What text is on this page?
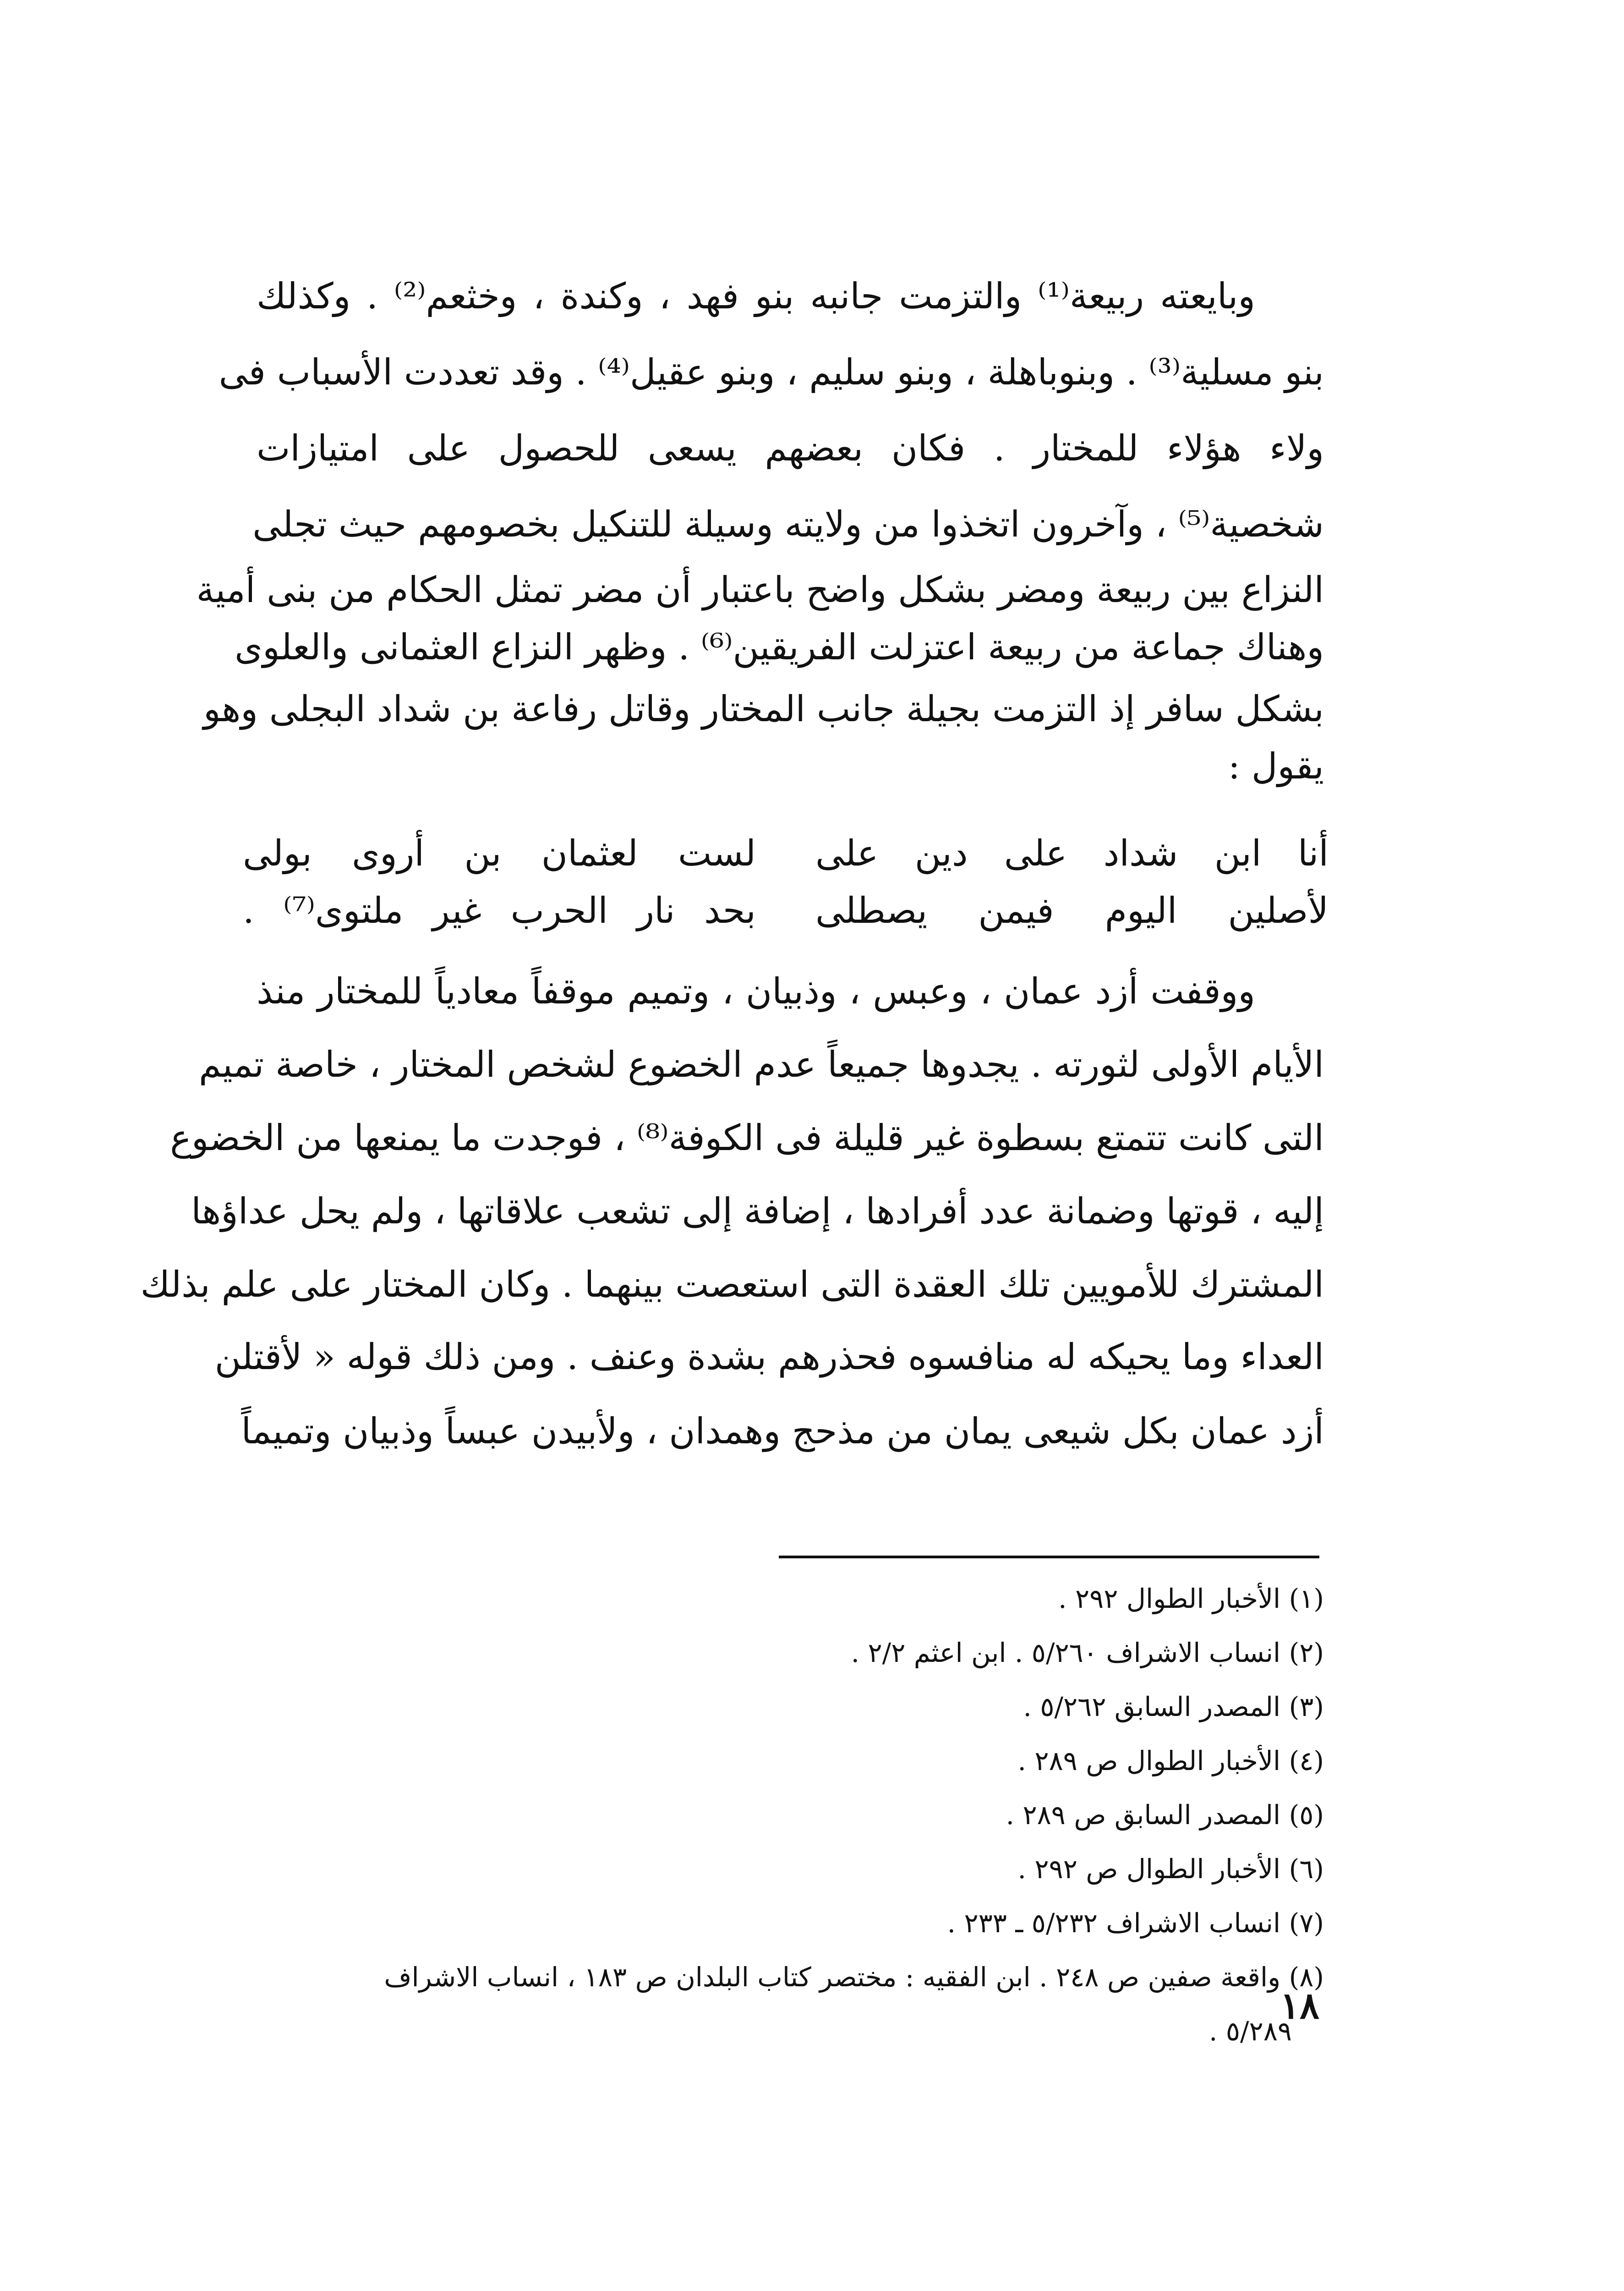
وبايعته ربيعة⁽¹⁾ والتزمت جانبه بنو فهد ، وكندة ، وخثعم⁽²⁾ . وكذلك
بنو مسلية⁽³⁾ . وبنوباهلة ، وبنو سليم ، وبنو عقيل⁽⁴⁾ . وقد تعددت الأسباب فى
ولاء هؤلاء للمختار . فكان بعضهم يسعى للحصول على امتيازات
شخصية⁽⁵⁾ ، وآخرون اتخذوا من ولايته وسيلة للتنكيل بخصومهم حيث تجلى
النزاع بين ربيعة ومضر بشكل واضح باعتبار أن مضر تمثل الحكام من بنى أمية
وهناك جماعة من ربيعة اعتزلت الفريقين⁽⁶⁾ . وظهر النزاع العثمانى والعلوى
بشكل سافر إذ التزمت بجيلة جانب المختار وقاتل رفاعة بن شداد البجلى وهو
يقول :
أنا ابن شداد على دين على
لست لعثمان بن أروى بولى
لأصلين اليوم فيمن يصطلى
بحد نار الحرب غير ملتوى⁽⁷⁾ .
ووقفت أزد عمان ، وعبس ، وذبيان ، وتميم موقفاً معادياً للمختار منذ
الأيام الأولى لثورته . يجدوها جميعاً عدم الخضوع لشخص المختار ، خاصة تميم
التى كانت تتمتع بسطوة غير قليلة فى الكوفة⁽⁸⁾ ، فوجدت ما يمنعها من الخضوع
إليه ، قوتها وضمانة عدد أفرادها ، إضافة إلى تشعب علاقاتها ، ولم يحل عداؤها
المشترك للأمويين تلك العقدة التى استعصت بينهما . وكان المختار على علم بذلك
العداء وما يحيكه له منافسوه فحذرهم بشدة وعنف . ومن ذلك قوله « لأقتلن
أزد عمان بكل شيعى يمان من مذحج وهمدان ، ولأبيدن عبساً وذبيان وتميماً
(١) الأخبار الطوال ٢٩٢ .
(٢) انساب الاشراف ٥/٢٦٠ . ابن اعثم ٢/٢ .
(٣) المصدر السابق ٥/٢٦٢ .
(٤) الأخبار الطوال ص ٢٨٩ .
(٥) المصدر السابق ص ٢٨٩ .
(٦) الأخبار الطوال ص ٢٩٢ .
(٧) انساب الاشراف ٥/٢٣٢ ـ ٢٣٣ .
(٨) واقعة صفين ص ٢٤٨ . ابن الفقيه : مختصر كتاب البلدان ص ١٨٣ ، انساب الاشراف
٥/٢٨٩ .
١٨
